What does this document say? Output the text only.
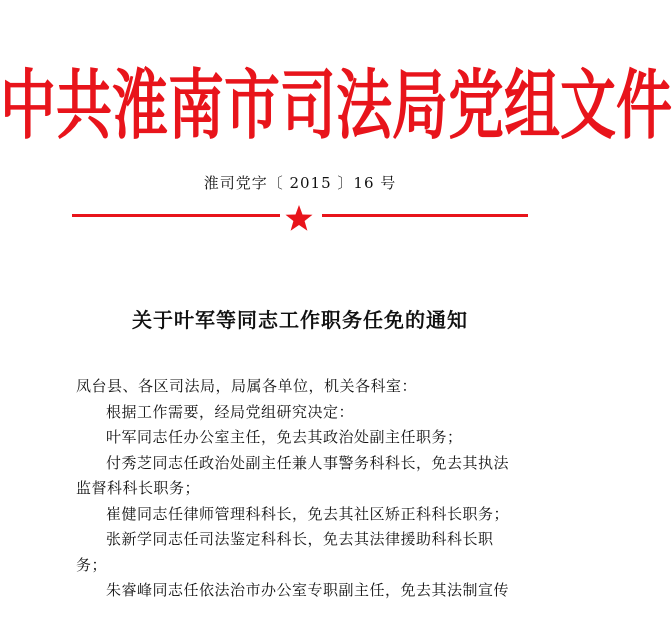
中共淮南市司法局党组文件
淮司党字〔 2015 〕16 号
关于叶军等同志工作职务任免的通知
凤台县、各区司法局，局属各单位，机关各科室：
根据工作需要，经局党组研究决定：
叶军同志任办公室主任，免去其政治处副主任职务；
付秀芝同志任政治处副主任兼人事警务科科长，免去其执法
监督科科长职务；
崔健同志任律师管理科科长，免去其社区矫正科科长职务；
张新学同志任司法鉴定科科长，免去其法律援助科科长职
务；
朱睿峰同志任依法治市办公室专职副主任，免去其法制宣传
